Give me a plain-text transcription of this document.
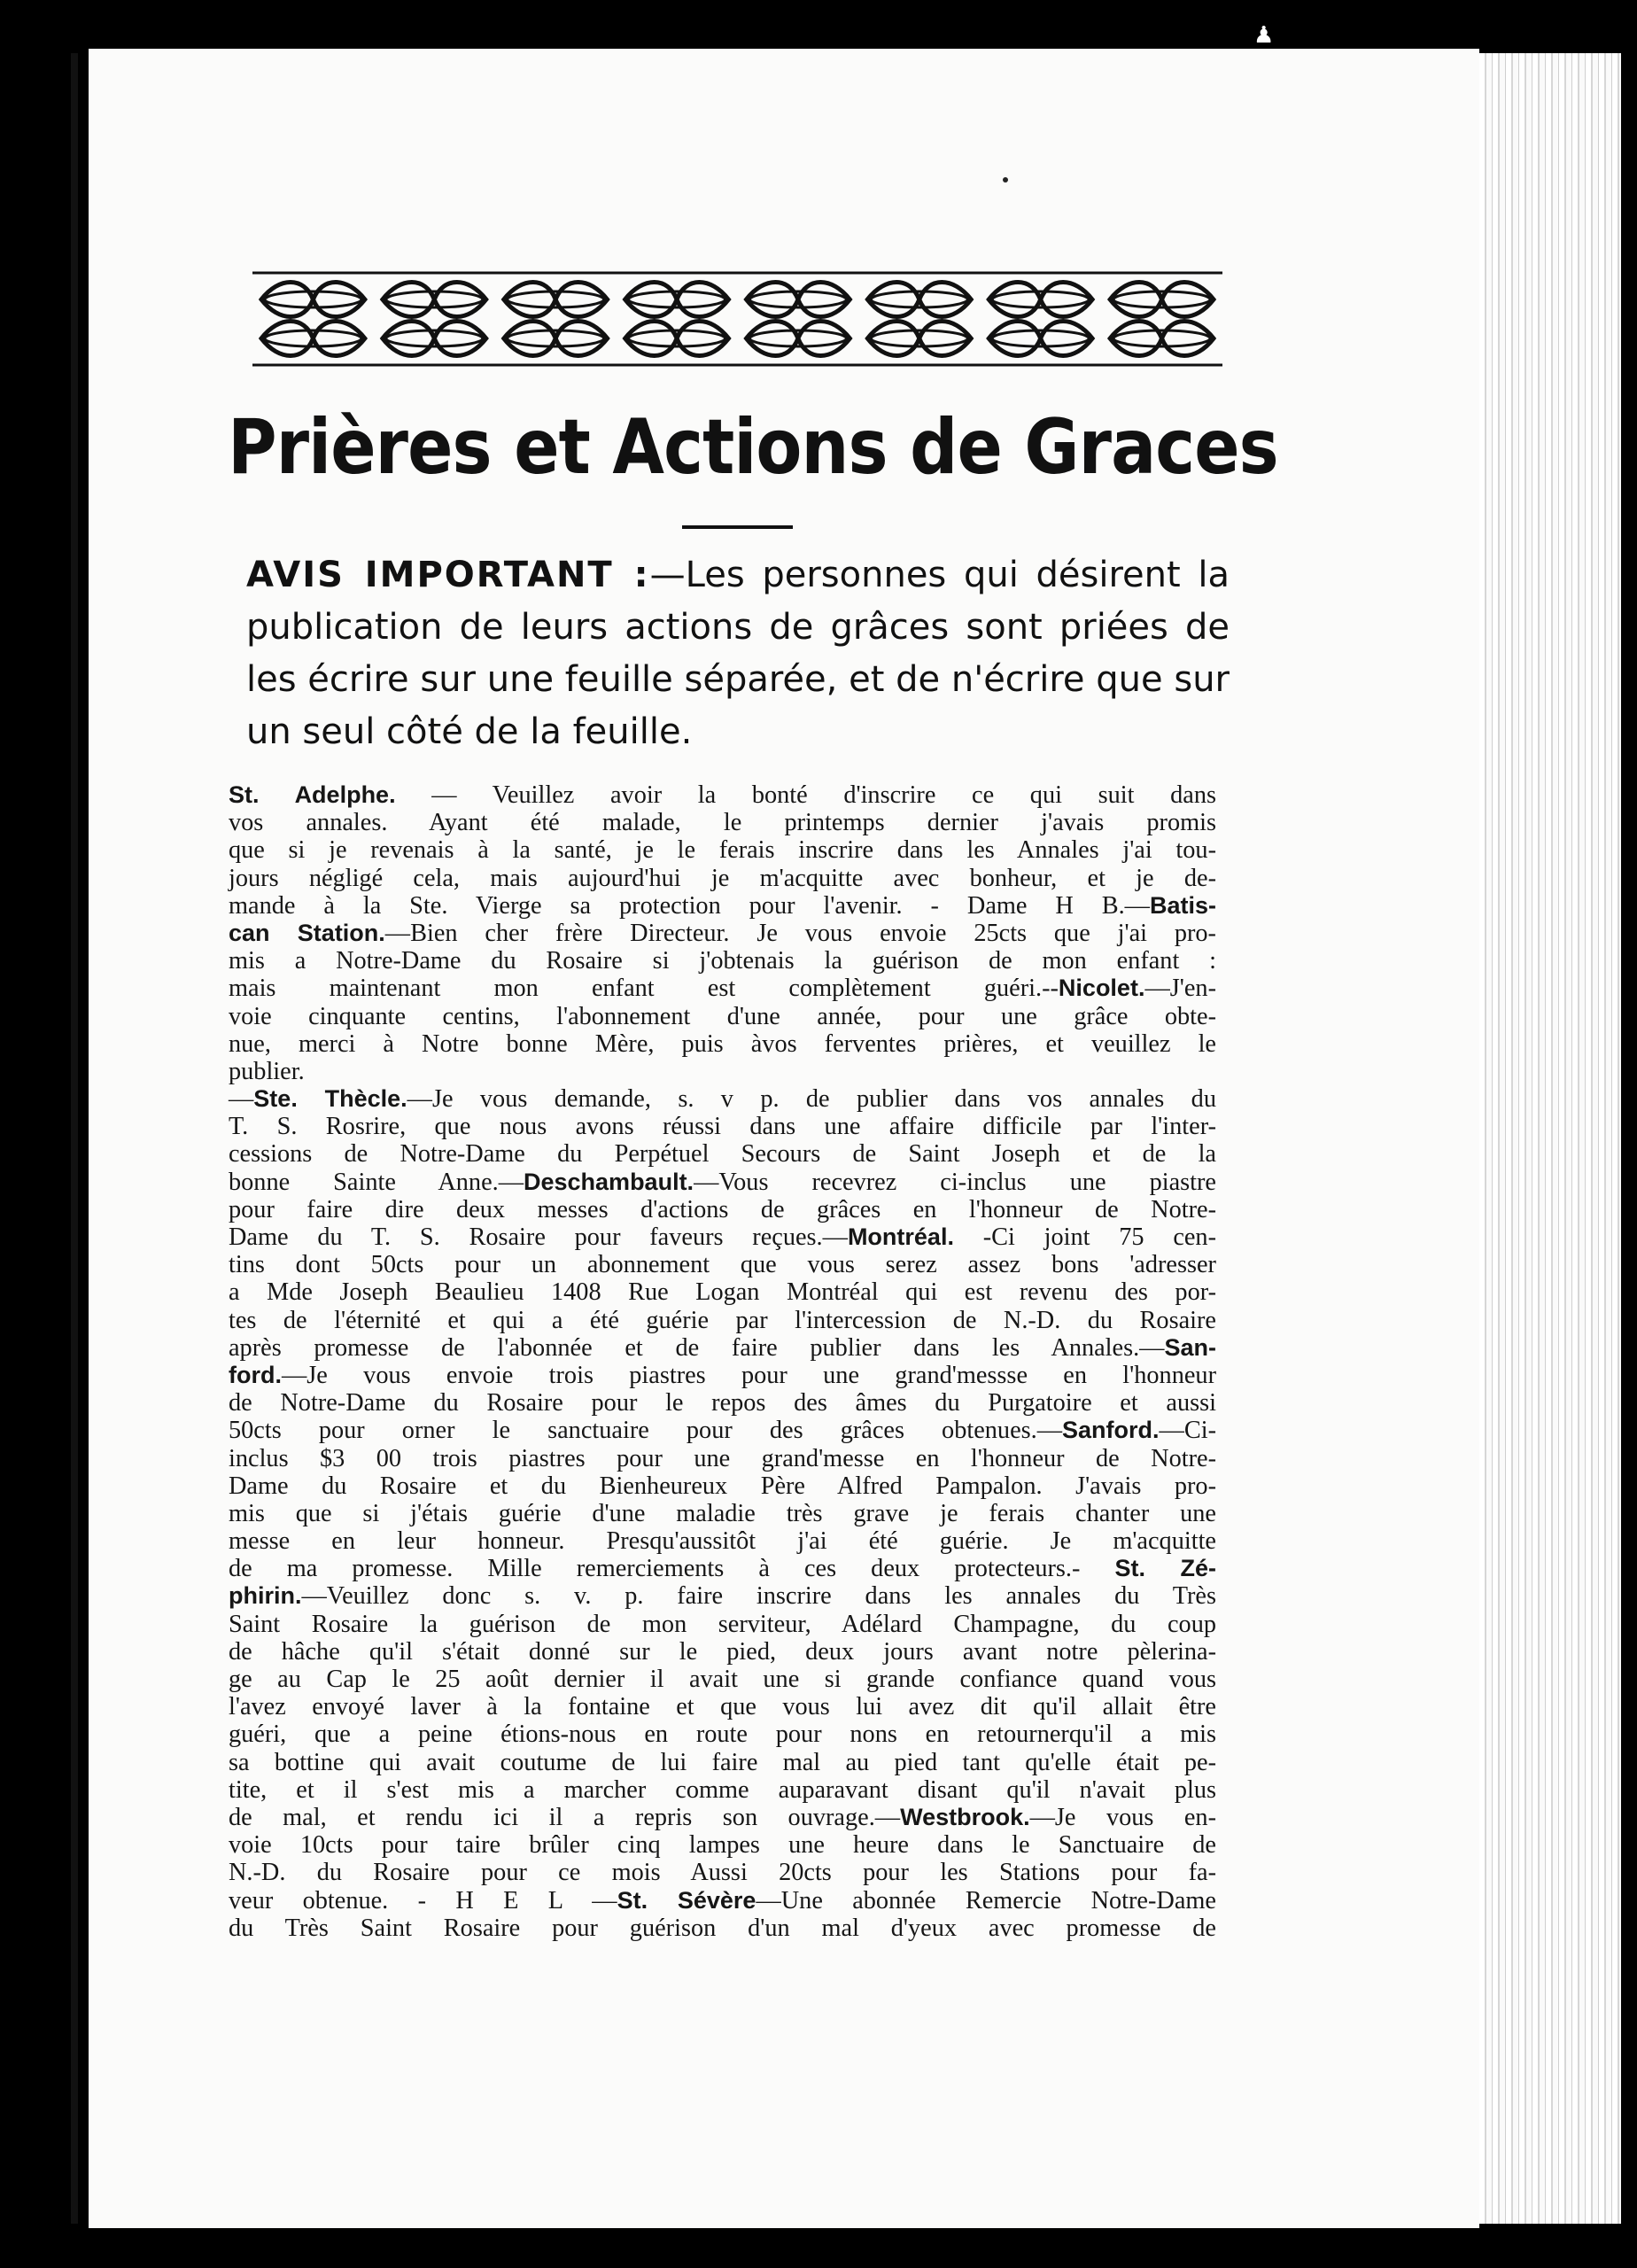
♟
Prières et Actions de Graces

AVIS IMPORTANT :—Les personnes qui désirent la publication de leurs actions de grâces sont priées de les écrire sur une feuille séparée, et de n'écrire que sur un seul côté de la feuille.

St. Adelphe. — Veuillez avoir la bonté d'inscrire ce qui suit dans
vos annales. Ayant été malade, le printemps dernier j'avais promis
que si je revenais à la santé, je le ferais inscrire dans les Annales j'ai tou-
jours négligé cela, mais aujourd'hui je m'acquitte avec bonheur, et je de-
mande à la Ste. Vierge sa protection pour l'avenir. - Dame H B.—Batis-
can Station.—Bien cher frère Directeur. Je vous envoie 25cts que j'ai pro-
mis a Notre-Dame du Rosaire si j'obtenais la guérison de mon enfant :
mais maintenant mon enfant est complètement guéri.--Nicolet.—J'en-
voie cinquante centins, l'abonnement d'une année, pour une grâce obte-
nue, merci à Notre bonne Mère, puis àvos ferventes prières, et veuillez le
publier.
—Ste. Thècle.—Je vous demande, s. v p. de publier dans vos annales du
T. S. Rosrire, que nous avons réussi dans une affaire difficile par l'inter-
cessions de Notre-Dame du Perpétuel Secours de Saint Joseph et de la
bonne Sainte Anne.—Deschambault.—Vous recevrez ci-inclus une piastre
pour faire dire deux messes d'actions de grâces en l'honneur de Notre-
Dame du T. S. Rosaire pour faveurs reçues.—Montréal. -Ci joint 75 cen-
tins dont 50cts pour un abonnement que vous serez assez bons 'adresser
a Mde Joseph Beaulieu 1408 Rue Logan Montréal qui est revenu des por-
tes de l'éternité et qui a été guérie par l'intercession de N.-D. du Rosaire
après promesse de l'abonnée et de faire publier dans les Annales.—San-
ford.—Je vous envoie trois piastres pour une grand'messse en l'honneur
de Notre-Dame du Rosaire pour le repos des âmes du Purgatoire et aussi
50cts pour orner le sanctuaire pour des grâces obtenues.—Sanford.—Ci-
inclus $3 00 trois piastres pour une grand'messe en l'honneur de Notre-
Dame du Rosaire et du Bienheureux Père Alfred Pampalon. J'avais pro-
mis que si j'étais guérie d'une maladie très grave je ferais chanter une
messe en leur honneur. Presqu'aussitôt j'ai été guérie. Je m'acquitte
de ma promesse. Mille remerciements à ces deux protecteurs.- St. Zé-
phirin.—Veuillez donc s. v. p. faire inscrire dans les annales du Très
Saint Rosaire la guérison de mon serviteur, Adélard Champagne, du coup
de hâche qu'il s'était donné sur le pied, deux jours avant notre pèlerina-
ge au Cap le 25 août dernier il avait une si grande confiance quand vous
l'avez envoyé laver à la fontaine et que vous lui avez dit qu'il allait être
guéri, que a peine étions-nous en route pour nons en retournerqu'il a mis
sa bottine qui avait coutume de lui faire mal au pied tant qu'elle était pe-
tite, et il s'est mis a marcher comme auparavant disant qu'il n'avait plus
de mal, et rendu ici il a repris son ouvrage.—Westbrook.—Je vous en-
voie 10cts pour taire brûler cinq lampes une heure dans le Sanctuaire de
N.-D. du Rosaire pour ce mois Aussi 20cts pour les Stations pour fa-
veur obtenue. - H E L —St. Sévère—Une abonnée Remercie Notre-Dame
du Très Saint Rosaire pour guérison d'un mal d'yeux avec promesse de
